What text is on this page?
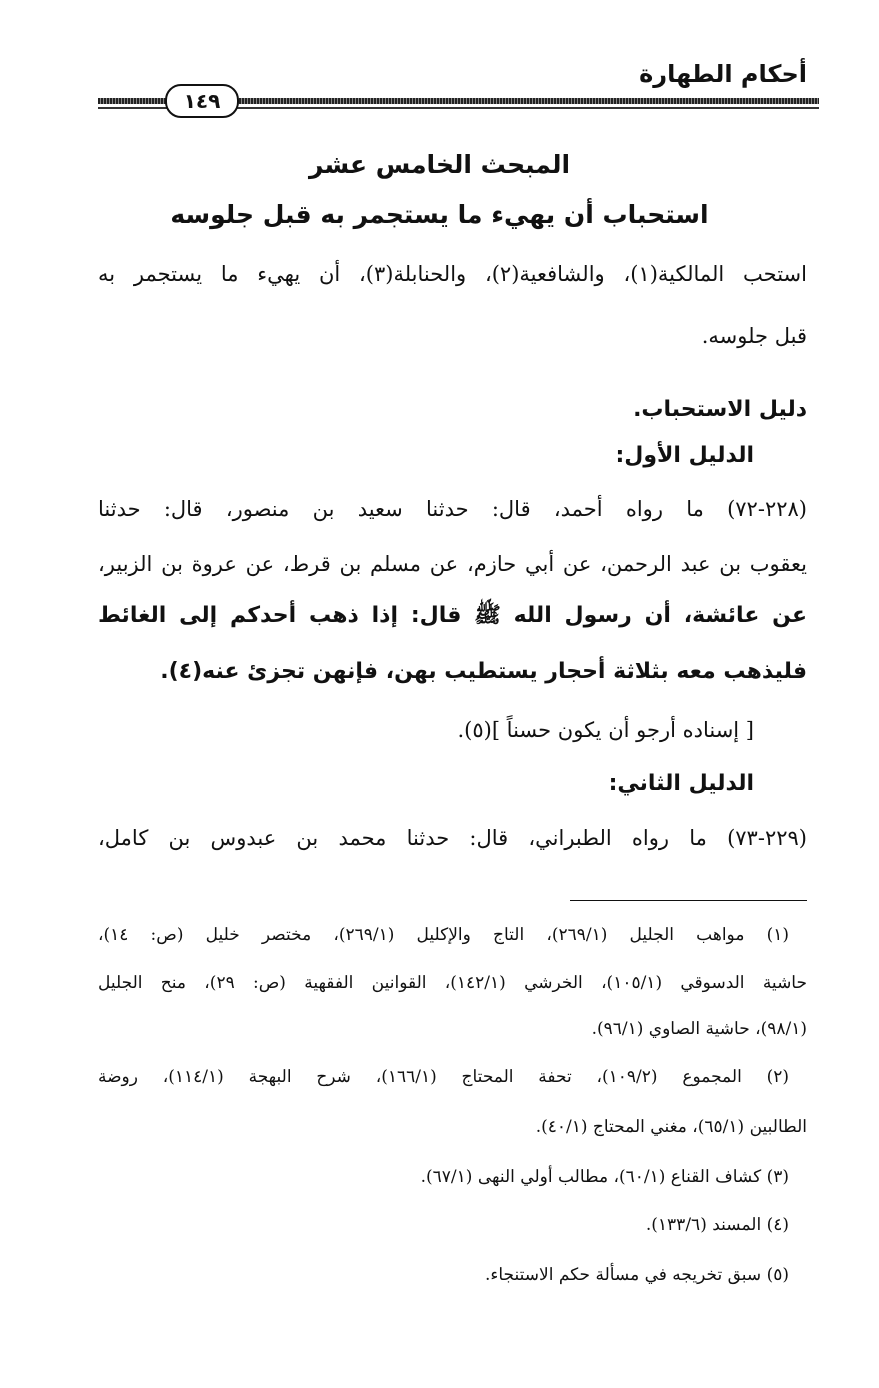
أحكام الطهارة
١٤٩
المبحث الخامس عشر
استحباب أن يهيء ما يستجمر به قبل جلوسه
استحب المالكية(١)، والشافعية(٢)، والحنابلة(٣)، أن يهيء ما يستجمر به
قبل جلوسه.
دليل الاستحباب.
الدليل الأول:
(٢٢٨-٧٢) ما رواه أحمد، قال: حدثنا سعيد بن منصور، قال: حدثنا
يعقوب بن عبد الرحمن، عن أبي حازم، عن مسلم بن قرط، عن عروة بن الزبير،
عن عائشة، أن رسول الله ﷺ قال: إذا ذهب أحدكم إلى الغائط
فليذهب معه بثلاثة أحجار يستطيب بهن، فإنهن تجزئ عنه(٤).
[ إسناده أرجو أن يكون حسناً ](٥).
الدليل الثاني:
(٢٢٩-٧٣) ما رواه الطبراني، قال: حدثنا محمد بن عبدوس بن كامل،
(١) مواهب الجليل (٢٦٩/١)، التاج والإكليل (٢٦٩/١)، مختصر خليل (ص: ١٤)،
حاشية الدسوقي (١٠٥/١)، الخرشي (١٤٢/١)، القوانين الفقهية (ص: ٢٩)، منح الجليل
(٩٨/١)، حاشية الصاوي (٩٦/١).
(٢) المجموع (١٠٩/٢)، تحفة المحتاج (١٦٦/١)، شرح البهجة (١١٤/١)، روضة
الطالبين (٦٥/١)، مغني المحتاج (٤٠/١).
(٣) كشاف القناع (٦٠/١)، مطالب أولي النهى (٦٧/١).
(٤) المسند (١٣٣/٦).
(٥) سبق تخريجه في مسألة حكم الاستنجاء.
